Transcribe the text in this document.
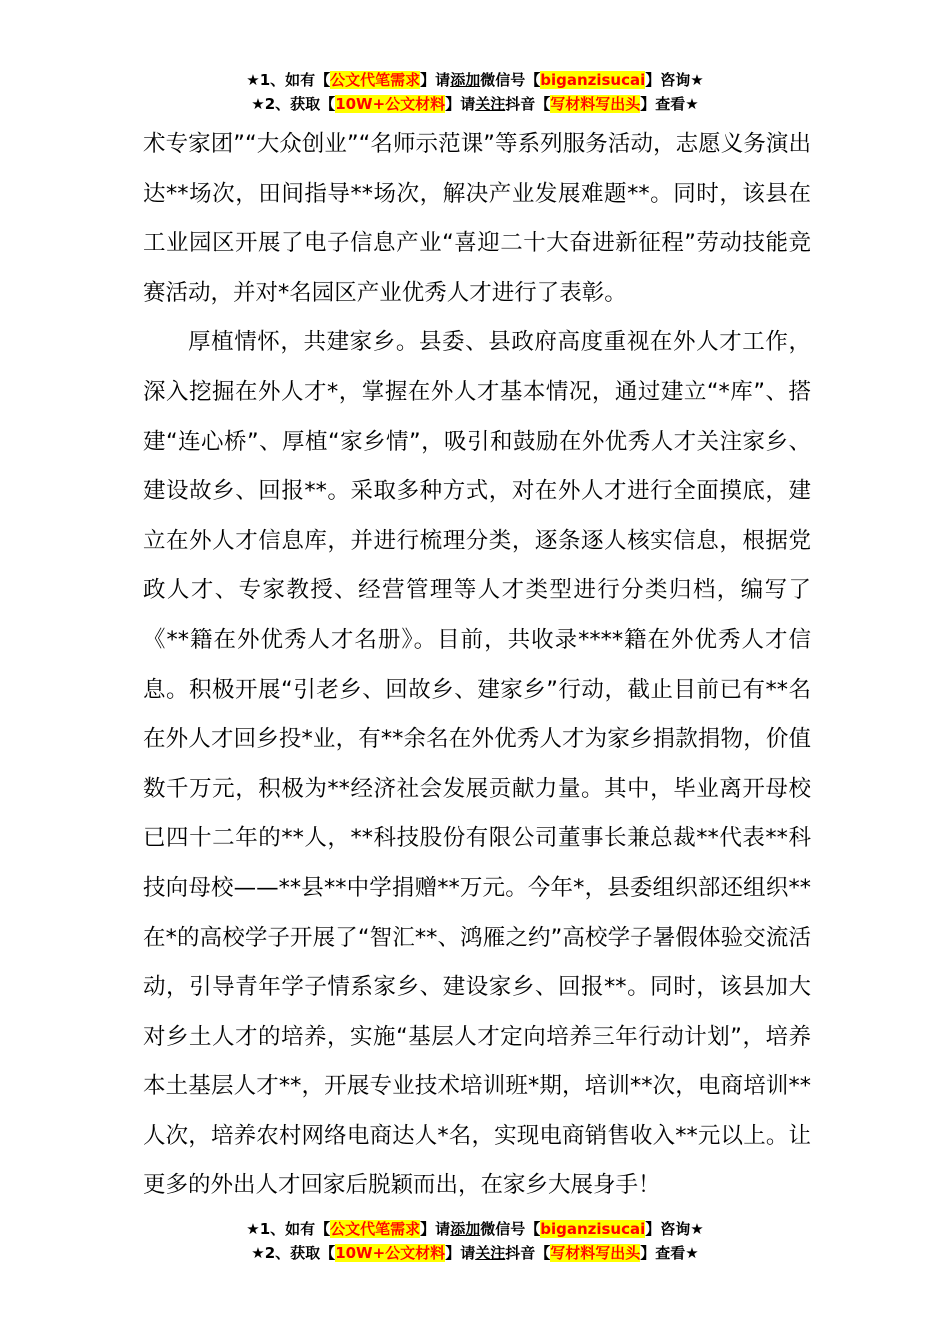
★1、如有【公文代笔需求】请添加微信号【biganzisucai】咨询★
★2、获取【10W+公文材料】请关注抖音【写材料写出头】查看★

术专家团”“大众创业”“名师示范课”等系列服务活动，志愿义务演出达**场次，田间指导**场次，解决产业发展难题**。同时，该县在工业园区开展了电子信息产业“喜迎二十大奋进新征程”劳动技能竞赛活动，并对*名园区产业优秀人才进行了表彰。

厚植情怀，共建家乡。县委、县政府高度重视在外人才工作，深入挖掘在外人才*，掌握在外人才基本情况，通过建立“*库”、搭建“连心桥”、厚植“家乡情”，吸引和鼓励在外优秀人才关注家乡、建设故乡、回报**。采取多种方式，对在外人才进行全面摸底，建立在外人才信息库，并进行梳理分类，逐条逐人核实信息，根据党政人才、专家教授、经营管理等人才类型进行分类归档，编写了《**籍在外优秀人才名册》。目前，共收录****籍在外优秀人才信息。积极开展“引老乡、回故乡、建家乡”行动，截止目前已有**名在外人才回乡投*业，有**余名在外优秀人才为家乡捐款捐物，价值数千万元，积极为**经济社会发展贡献力量。其中，毕业离开母校已四十二年的**人，**科技股份有限公司董事长兼总裁**代表**科技向母校——**县**中学捐赠**万元。今年*，县委组织部还组织**在*的高校学子开展了“智汇**、鸿雁之约”高校学子暑假体验交流活动，引导青年学子情系家乡、建设家乡、回报**。同时，该县加大对乡土人才的培养，实施“基层人才定向培养三年行动计划”，培养本土基层人才**，开展专业技术培训班*期，培训**次，电商培训**人次，培养农村网络电商达人*名，实现电商销售收入**元以上。让更多的外出人才回家后脱颖而出，在家乡大展身手！

★1、如有【公文代笔需求】请添加微信号【biganzisucai】咨询★
★2、获取【10W+公文材料】请关注抖音【写材料写出头】查看★
